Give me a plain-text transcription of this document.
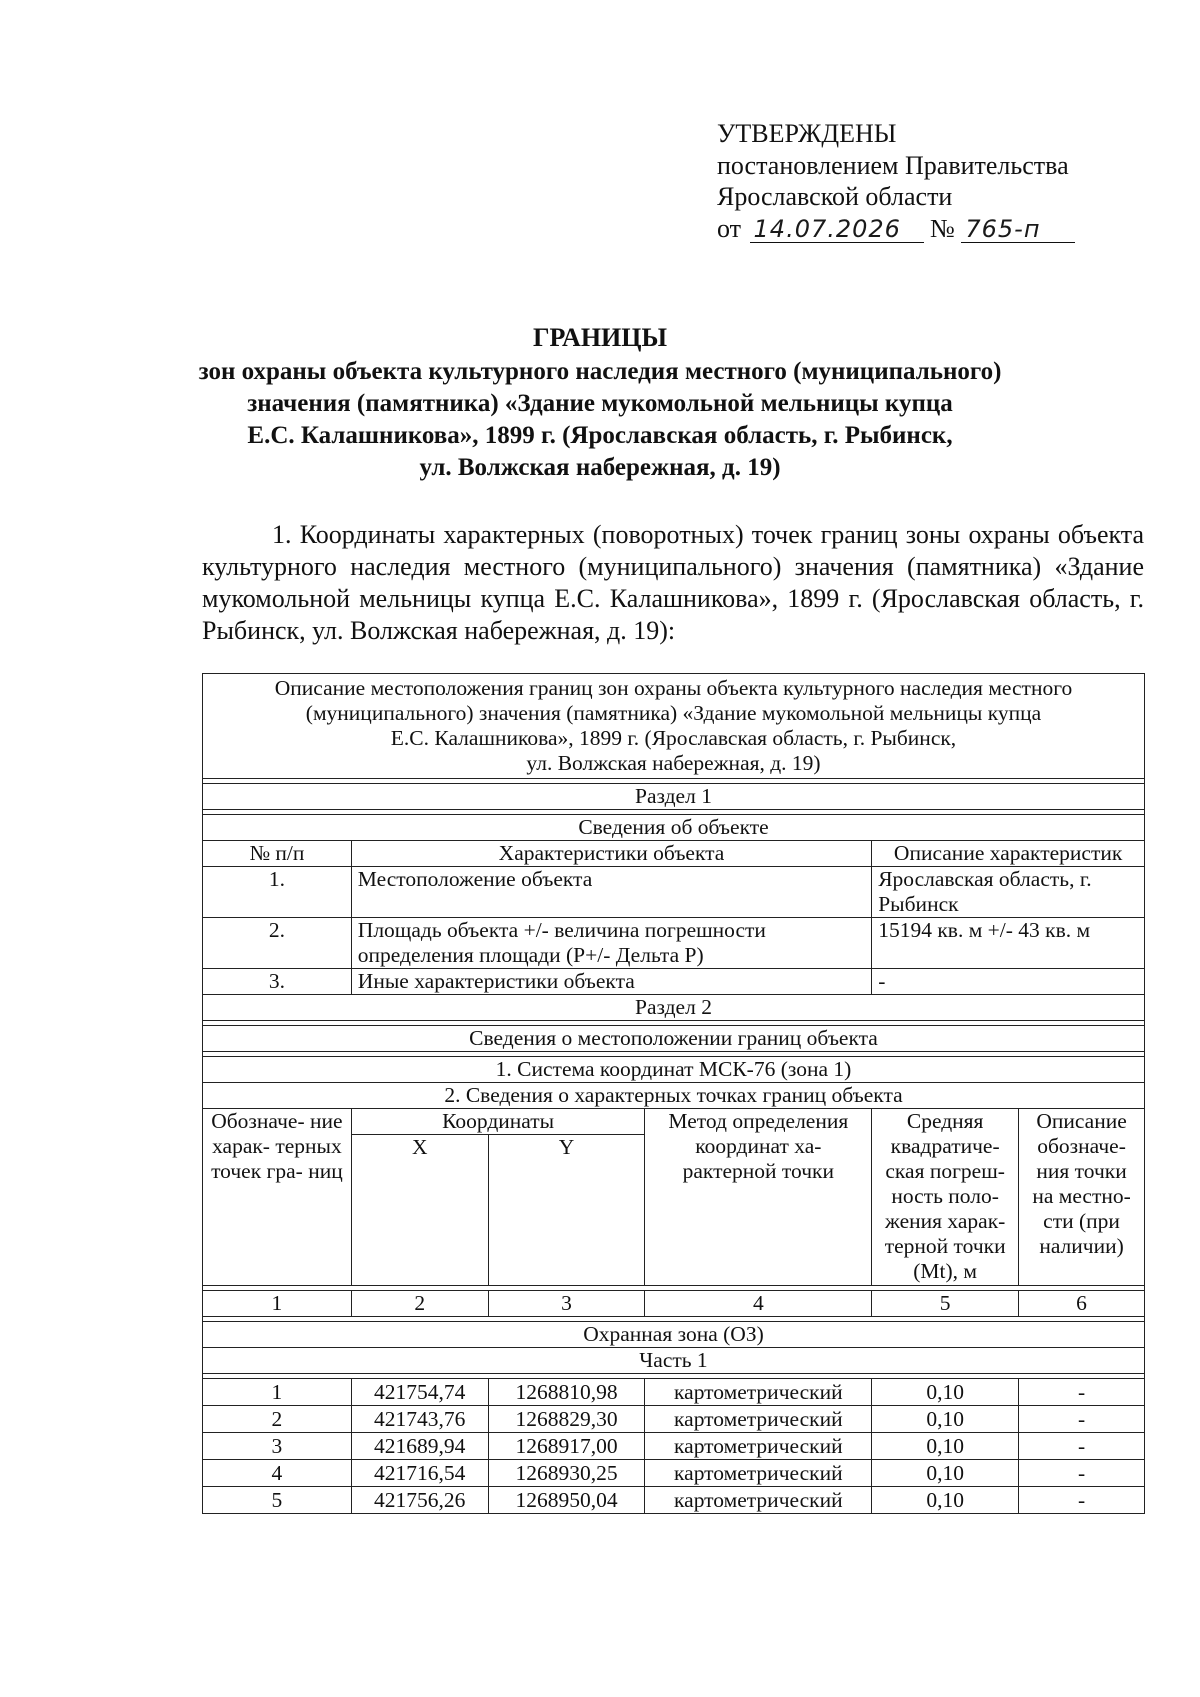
УТВЕРЖДЕНЫ
постановлением Правительства
Ярославской области
от 14.07.2026 № 765-п
ГРАНИЦЫ
зон охраны объекта культурного наследия местного (муниципального)
значения (памятника) «Здание мукомольной мельницы купца
Е.С. Калашникова», 1899 г. (Ярославская область, г. Рыбинск,
ул. Волжская набережная, д. 19)

1. Координаты характерных (поворотных) точек границ зоны охраны объекта культурного наследия местного (муниципального) значения (памятника) «Здание мукомольной мельницы купца Е.С. Калашникова», 1899 г. (Ярославская область, г. Рыбинск, ул. Волжская набережная, д. 19):

Описание местоположения границ зон охраны объекта культурного наследия местного
(муниципального) значения (памятника) «Здание мукомольной мельницы купца
Е.С. Калашникова», 1899 г. (Ярославская область, г. Рыбинск,
ул. Волжская набережная, д. 19)					

Раздел 1					

Сведения об объекте					
№ п/п	Характеристики объекта			Описание характеристик	
1.	Местоположение объекта			Ярославская область, г. Рыбинск	
2.	Площадь объекта +/- величина погрешности определения площади (P+/- Дельта P)			15194 кв. м +/- 43 кв. м	
3.	Иные характеристики объекта			-	
Раздел 2					

Сведения о местоположении границ объекта					

1. Система координат МСК-76 (зона 1)					
2. Сведения о характерных точках границ объекта					
Обозначе- ние харак- терных точек гра- ниц	Координаты		Метод определения координат ха- рактерной точки	Средняя квадратиче- ская погреш- ность поло- жения харак- терной точки (Mt), м	Описание обозначе- ния точки на местно- сти (при наличии)
	X	Y			

1	2	3	4	5	6

Охранная зона (ОЗ)					
Часть 1					

1	421754,74	1268810,98	картометрический	0,10	-
2	421743,76	1268829,30	картометрический	0,10	-
3	421689,94	1268917,00	картометрический	0,10	-
4	421716,54	1268930,25	картометрический	0,10	-
5	421756,26	1268950,04	картометрический	0,10	-
